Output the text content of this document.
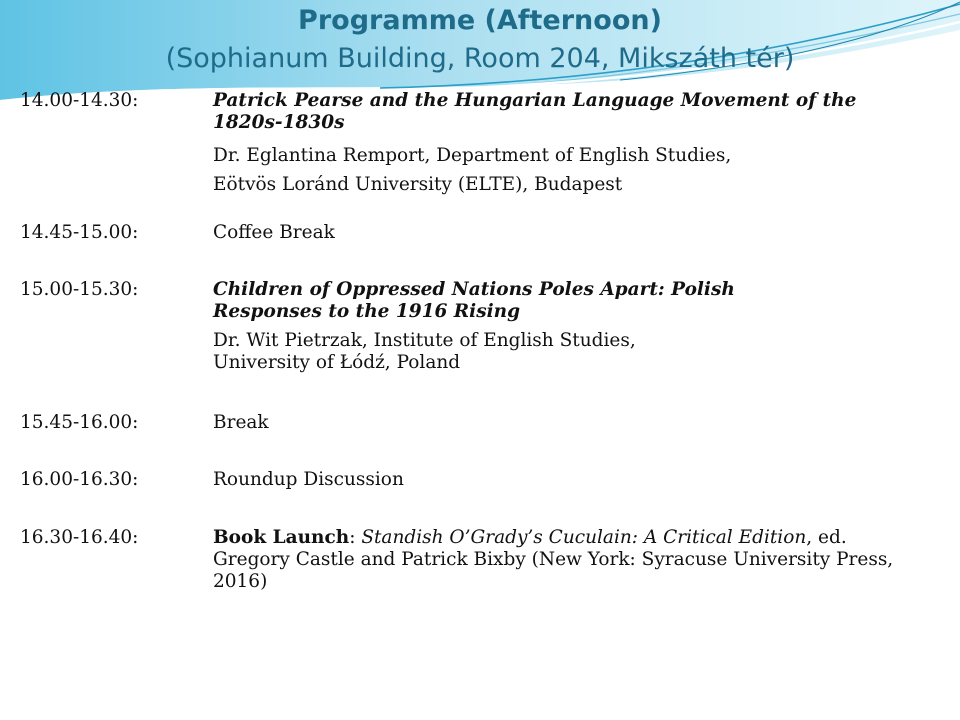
Programme (Afternoon)
(Sophianum Building, Room 204, Mikszáth tér)
14.00-14.30:	Patrick Pearse and the Hungarian Language Movement of the
1820s-1830s
Dr. Eglantina Remport, Department of English Studies,
Eötvös Loránd University (ELTE), Budapest
14.45-15.00:	Coffee Break
15.00-15.30:	Children of Oppressed Nations Poles Apart: Polish
Responses to the 1916 Rising
Dr. Wit Pietrzak, Institute of English Studies,
University of Łódź, Poland
15.45-16.00:	Break
16.00-16.30:	Roundup Discussion
16.30-16.40:	Book Launch: Standish O’Grady’s Cuculain: A Critical Edition, ed.
Gregory Castle and Patrick Bixby (New York: Syracuse University Press,
2016)
